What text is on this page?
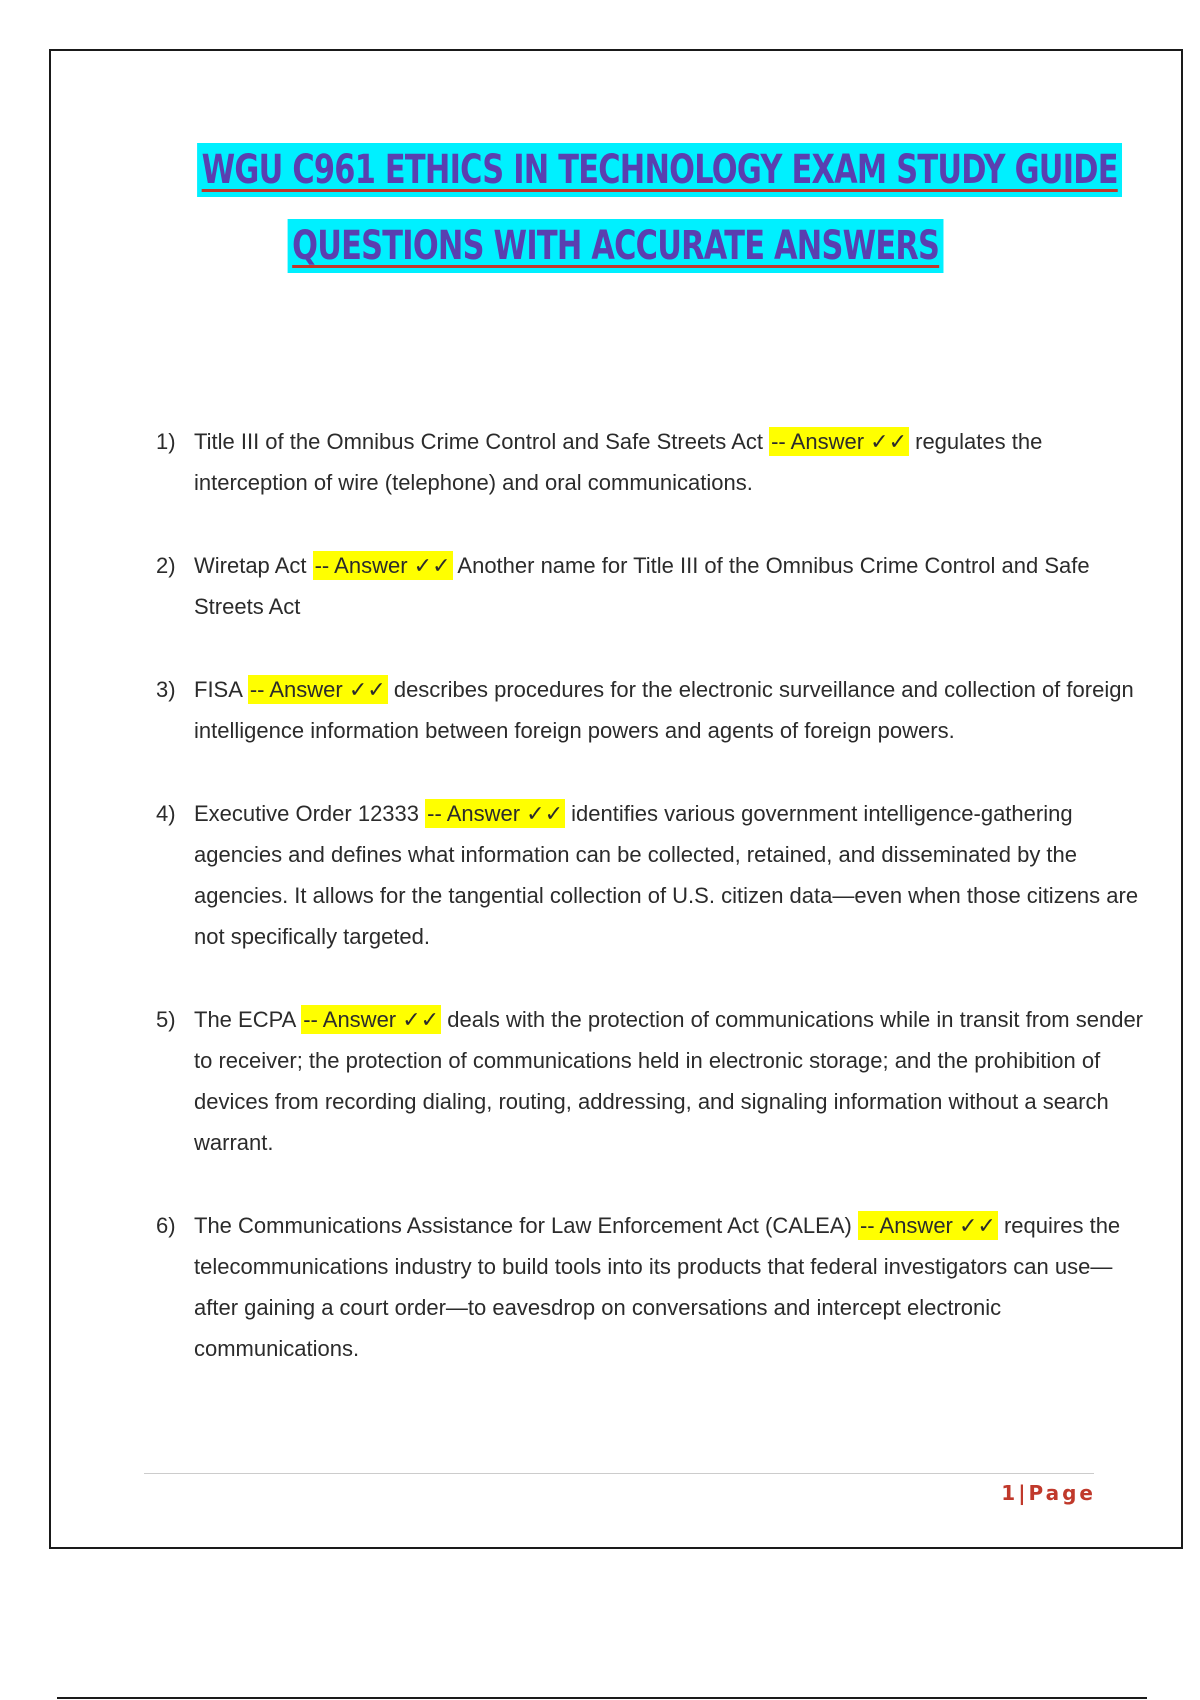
WGU C961 ETHICS IN TECHNOLOGY EXAM STUDY GUIDE
QUESTIONS WITH ACCURATE ANSWERS
1) Title III of the Omnibus Crime Control and Safe Streets Act -- Answer ✓✓ regulates the interception of wire (telephone) and oral communications.
2) Wiretap Act -- Answer ✓✓ Another name for Title III of the Omnibus Crime Control and Safe Streets Act
3) FISA -- Answer ✓✓ describes procedures for the electronic surveillance and collection of foreign intelligence information between foreign powers and agents of foreign powers.
4) Executive Order 12333 -- Answer ✓✓ identifies various government intelligence-gathering agencies and defines what information can be collected, retained, and disseminated by the agencies. It allows for the tangential collection of U.S. citizen data—even when those citizens are not specifically targeted.
5) The ECPA -- Answer ✓✓ deals with the protection of communications while in transit from sender to receiver; the protection of communications held in electronic storage; and the prohibition of devices from recording dialing, routing, addressing, and signaling information without a search warrant.
6) The Communications Assistance for Law Enforcement Act (CALEA) -- Answer ✓✓ requires the telecommunications industry to build tools into its products that federal investigators can use—after gaining a court order—to eavesdrop on conversations and intercept electronic communications.
1|Page
